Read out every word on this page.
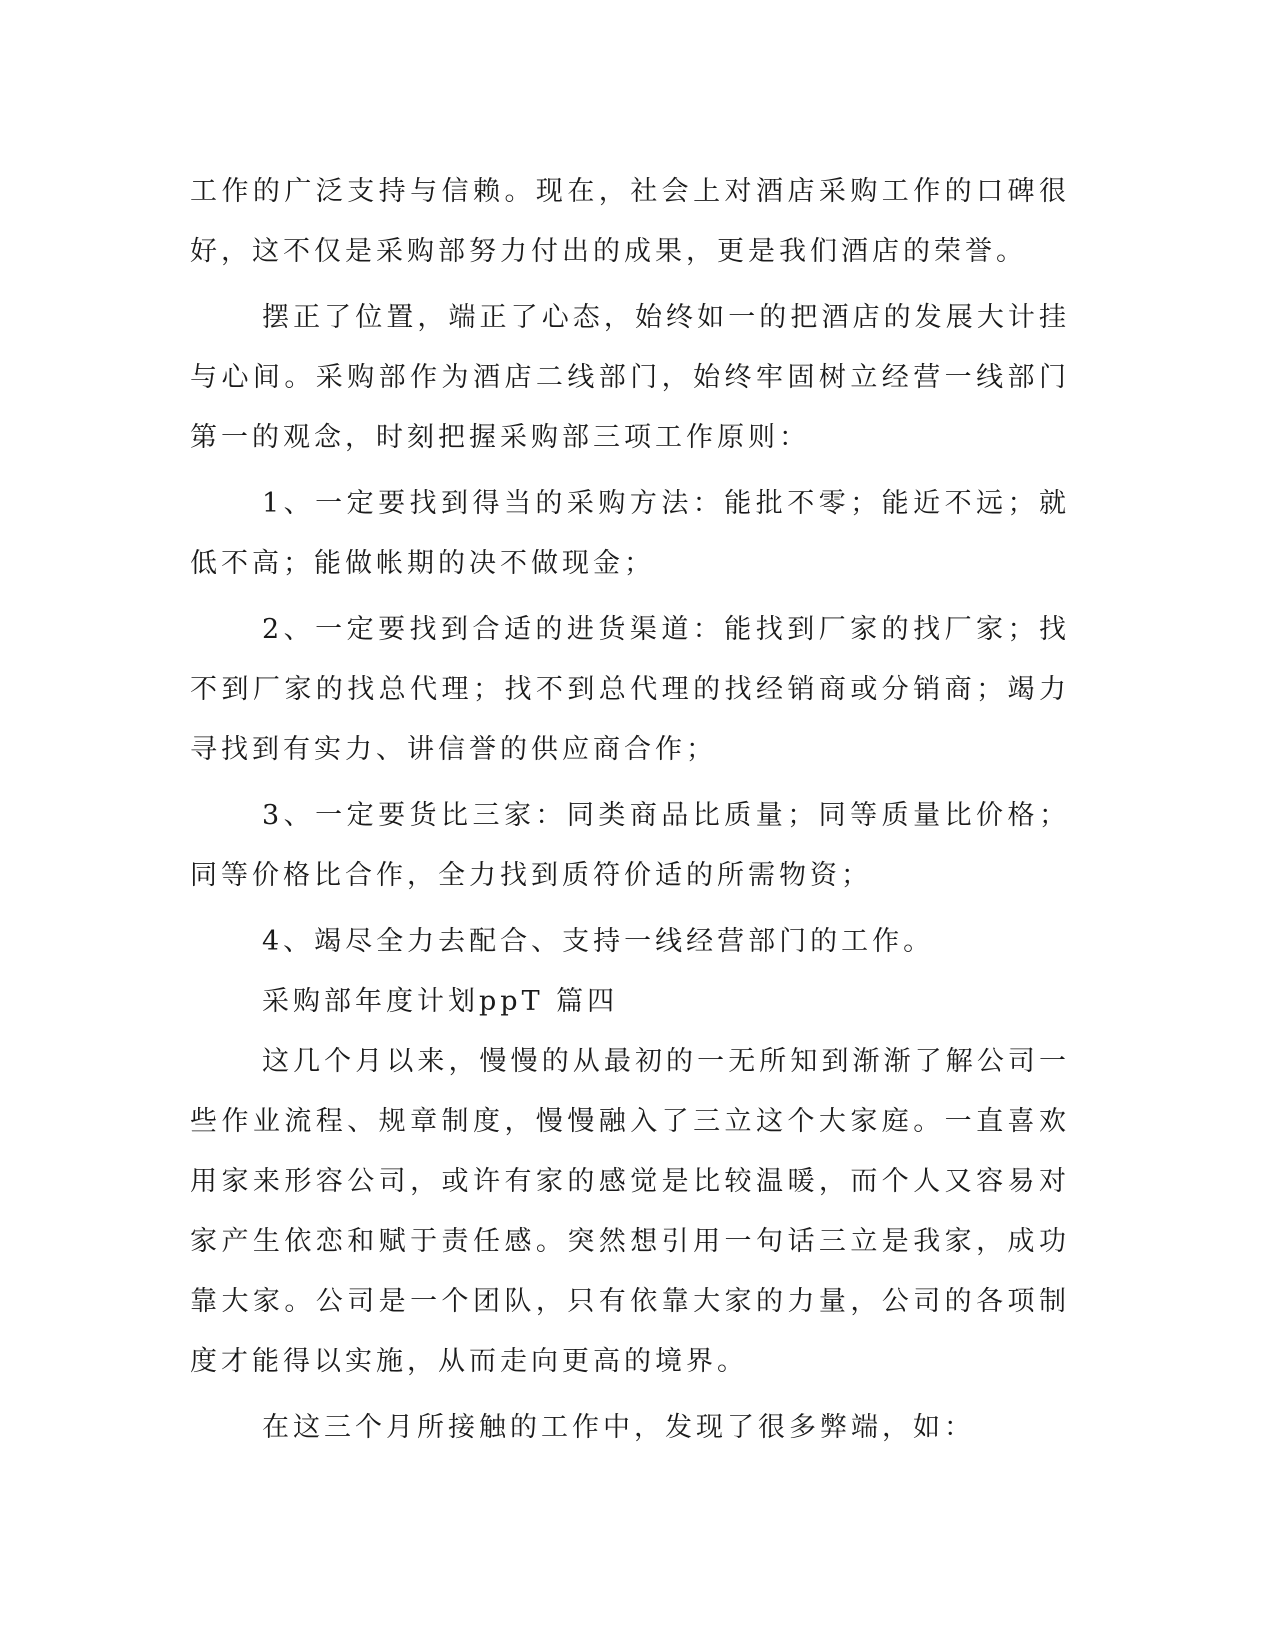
工作的广泛支持与信赖。现在，社会上对酒店采购工作的口碑很好，这不仅是采购部努力付出的成果，更是我们酒店的荣誉。

摆正了位置，端正了心态，始终如一的把酒店的发展大计挂与心间。采购部作为酒店二线部门，始终牢固树立经营一线部门第一的观念，时刻把握采购部三项工作原则：

1、一定要找到得当的采购方法：能批不零；能近不远；就低不高；能做帐期的决不做现金；

2、一定要找到合适的进货渠道：能找到厂家的找厂家；找不到厂家的找总代理；找不到总代理的找经销商或分销商；竭力寻找到有实力、讲信誉的供应商合作；

3、一定要货比三家：同类商品比质量；同等质量比价格；同等价格比合作，全力找到质符价适的所需物资；

4、竭尽全力去配合、支持一线经营部门的工作。

采购部年度计划ppT 篇四

这几个月以来，慢慢的从最初的一无所知到渐渐了解公司一些作业流程、规章制度，慢慢融入了三立这个大家庭。一直喜欢用家来形容公司，或许有家的感觉是比较温暖，而个人又容易对家产生依恋和赋于责任感。突然想引用一句话三立是我家，成功靠大家。公司是一个团队，只有依靠大家的力量，公司的各项制度才能得以实施，从而走向更高的境界。

在这三个月所接触的工作中，发现了很多弊端，如：
